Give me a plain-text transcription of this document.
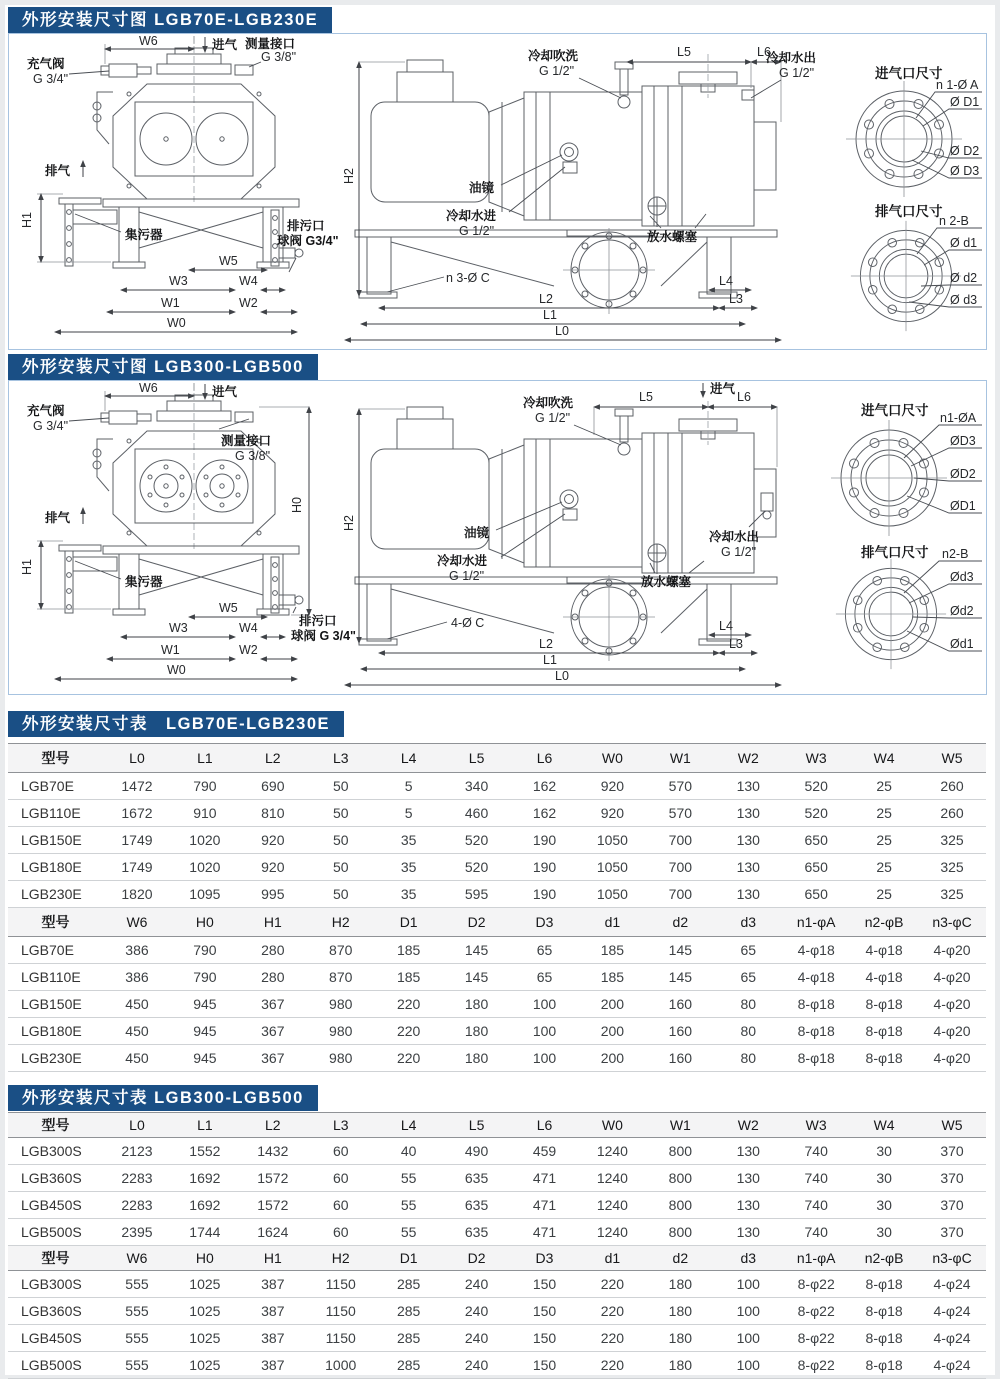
外形安装尺寸图 LGB70E-LGB230E
W6	进气
充气阀
G 3/4"
测量接口
G 3/8"
排气
H1
集污器
排污口
球阀 G3/4"
W5
W3	W4
W1	W2
W0
H2
L5	L6
冷却吹洗
G 1/2"
冷却水出
G 1/2"
油镜
冷却水进
G 1/2"	放水螺塞
n 3-Ø C	L4
L2	L3
L1
L0
进气口尺寸
n 1-Ø A
Ø D1
Ø D2
Ø D3
排气口尺寸
n 2-B
Ø d1
Ø d2
Ø d3
外形安装尺寸图 LGB300-LGB500
W6	进气
充气阀
G 3/4"
测量接口
G 3/8"
排气
H0
H1
集污器
W5
W3	W4
W1	W2
W0
排污口
球阀 G 3/4"
H2
L5
进气
L6
冷却吹洗
G 1/2"
冷却水出
G 1/2"
油镜
冷却水进
G 1/2"	放水螺塞
4-Ø C	L4
L2	L3
L1
L0
进气口尺寸 n1-ØA
ØD3
ØD2
ØD1
排气口尺寸 n2-B
Ød3
Ød2
Ød1
外形安装尺寸表　LGB70E-LGB230E
型号	L0	L1	L2	L3	L4	L5	L6	W0	W1	W2	W3	W4	W5
LGB70E	1472	790	690	50	5	340	162	920	570	130	520	25	260
LGB110E	1672	910	810	50	5	460	162	920	570	130	520	25	260
LGB150E	1749	1020	920	50	35	520	190	1050	700	130	650	25	325
LGB180E	1749	1020	920	50	35	520	190	1050	700	130	650	25	325
LGB230E	1820	1095	995	50	35	595	190	1050	700	130	650	25	325
型号	W6	H0	H1	H2	D1	D2	D3	d1	d2	d3	n1-φA	n2-φB	n3-φC
LGB70E	386	790	280	870	185	145	65	185	145	65	4-φ18	4-φ18	4-φ20
LGB110E	386	790	280	870	185	145	65	185	145	65	4-φ18	4-φ18	4-φ20
LGB150E	450	945	367	980	220	180	100	200	160	80	8-φ18	8-φ18	4-φ20
LGB180E	450	945	367	980	220	180	100	200	160	80	8-φ18	8-φ18	4-φ20
LGB230E	450	945	367	980	220	180	100	200	160	80	8-φ18	8-φ18	4-φ20
外形安装尺寸表 LGB300-LGB500
型号	L0	L1	L2	L3	L4	L5	L6	W0	W1	W2	W3	W4	W5
LGB300S	2123	1552	1432	60	40	490	459	1240	800	130	740	30	370
LGB360S	2283	1692	1572	60	55	635	471	1240	800	130	740	30	370
LGB450S	2283	1692	1572	60	55	635	471	1240	800	130	740	30	370
LGB500S	2395	1744	1624	60	55	635	471	1240	800	130	740	30	370
型号	W6	H0	H1	H2	D1	D2	D3	d1	d2	d3	n1-φA	n2-φB	n3-φC
LGB300S	555	1025	387	1150	285	240	150	220	180	100	8-φ22	8-φ18	4-φ24
LGB360S	555	1025	387	1150	285	240	150	220	180	100	8-φ22	8-φ18	4-φ24
LGB450S	555	1025	387	1150	285	240	150	220	180	100	8-φ22	8-φ18	4-φ24
LGB500S	555	1025	387	1000	285	240	150	220	180	100	8-φ22	8-φ18	4-φ24
